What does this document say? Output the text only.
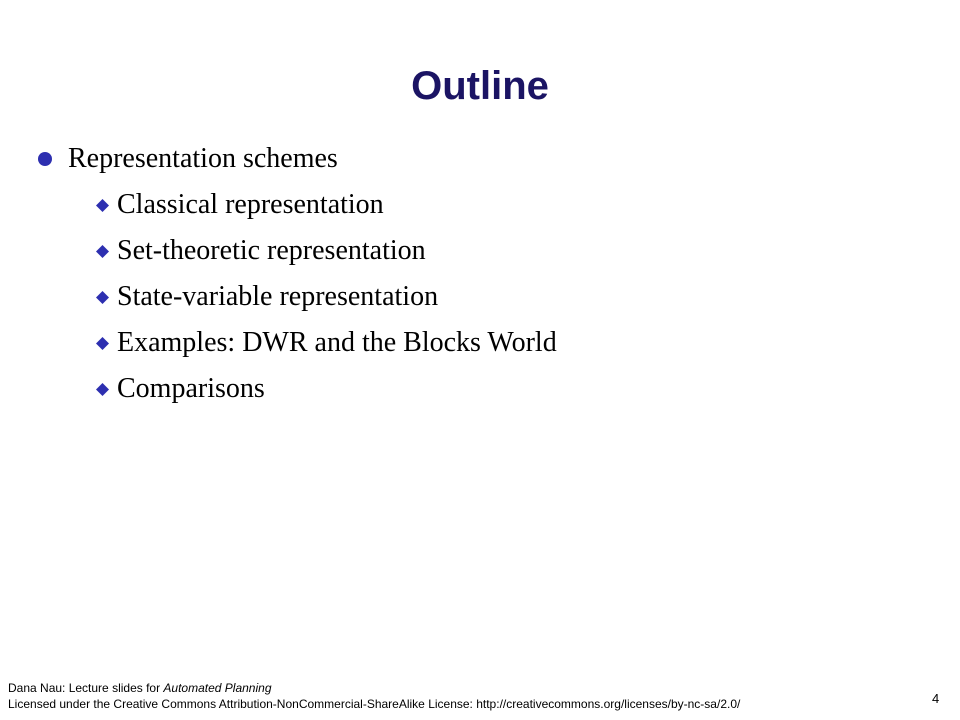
Outline
Representation schemes
Classical representation
Set-theoretic representation
State-variable representation
Examples: DWR and the Blocks World
Comparisons
Dana Nau: Lecture slides for Automated Planning
Licensed under the Creative Commons Attribution-NonCommercial-ShareAlike License: http://creativecommons.org/licenses/by-nc-sa/2.0/	4
